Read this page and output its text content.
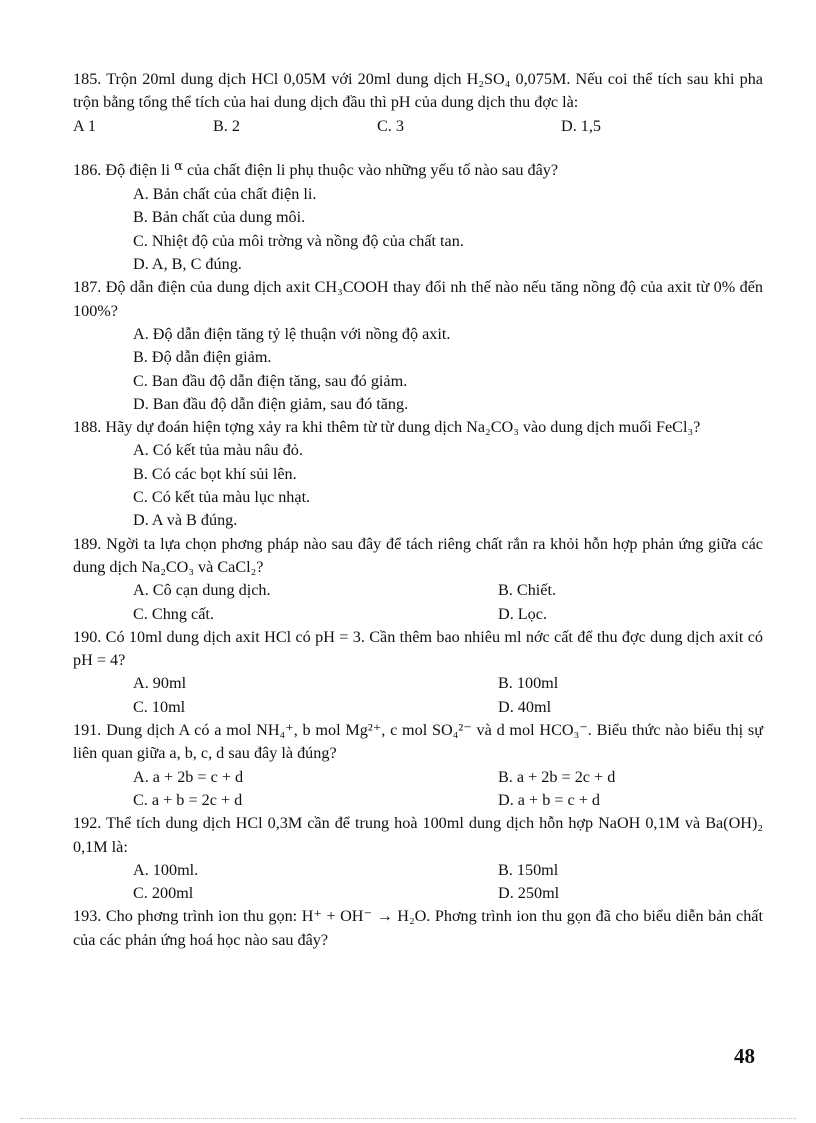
185. Trộn 20ml dung dịch HCl 0,05M với 20ml dung dịch H₂SO₄ 0,075M. Nếu coi thể tích sau khi pha trộn bằng tổng thể tích của hai dung dịch đầu thì pH của dung dịch thu đợc là:

A 1	B. 2	C. 3	D. 1,5

186. Độ điện li $^\alpha$ của chất điện li phụ thuộc vào những yếu tố nào sau đây?

A. Bản chất của chất điện li.
B. Bản chất của dung môi.
C. Nhiệt độ của môi trờng và nồng độ của chất tan.
D. A, B, C đúng.

187. Độ dẫn điện của dung dịch axit CH₃COOH thay đổi nh thế nào nếu tăng nồng độ của axit từ 0% đến 100%?

A. Độ dẫn điện tăng tỷ lệ thuận với nồng độ axit.
B. Độ dẫn điện giảm.
C. Ban đầu độ dẫn điện tăng, sau đó giảm.
D. Ban đầu độ dẫn điện giảm, sau đó tăng.

188. Hãy dự đoán hiện tợng xảy ra khi thêm từ từ dung dịch Na₂CO₃ vào dung dịch muối FeCl₃?

A. Có kết tủa màu nâu đỏ.
B. Có các bọt khí sủi lên.
C. Có kết tủa màu lục nhạt.
D. A và B đúng.

189. Ngời ta lựa chọn phơng pháp nào sau đây để tách riêng chất rắn ra khỏi hỗn hợp phản ứng giữa các dung dịch Na₂CO₃ và CaCl₂?

A. Cô cạn dung dịch.	B. Chiết.
C. Chng cất.	D. Lọc.

190. Có 10ml dung dịch axit HCl có pH = 3. Cần thêm bao nhiêu ml nớc cất để thu đợc dung dịch axit có pH = 4?

A. 90ml	B. 100ml
C. 10ml	D. 40ml

191. Dung dịch A có a mol NH₄⁺, b mol Mg²⁺, c mol SO₄²⁻ và d mol HCO₃⁻. Biểu thức nào biểu thị sự liên quan giữa a, b, c, d sau đây là đúng?

A. a + 2b = c + d	B. a + 2b = 2c + d
C. a + b = 2c + d	D. a + b = c + d

192. Thể tích dung dịch HCl 0,3M cần để trung hoà 100ml dung dịch hỗn hợp NaOH 0,1M và Ba(OH)₂ 0,1M là:

A. 100ml.	B. 150ml
C. 200ml	D. 250ml

193. Cho phơng trình ion thu gọn: H⁺ + OH⁻ → H₂O. Phơng trình ion thu gọn đã cho biểu diễn bản chất của các phản ứng hoá học nào sau đây?

48
